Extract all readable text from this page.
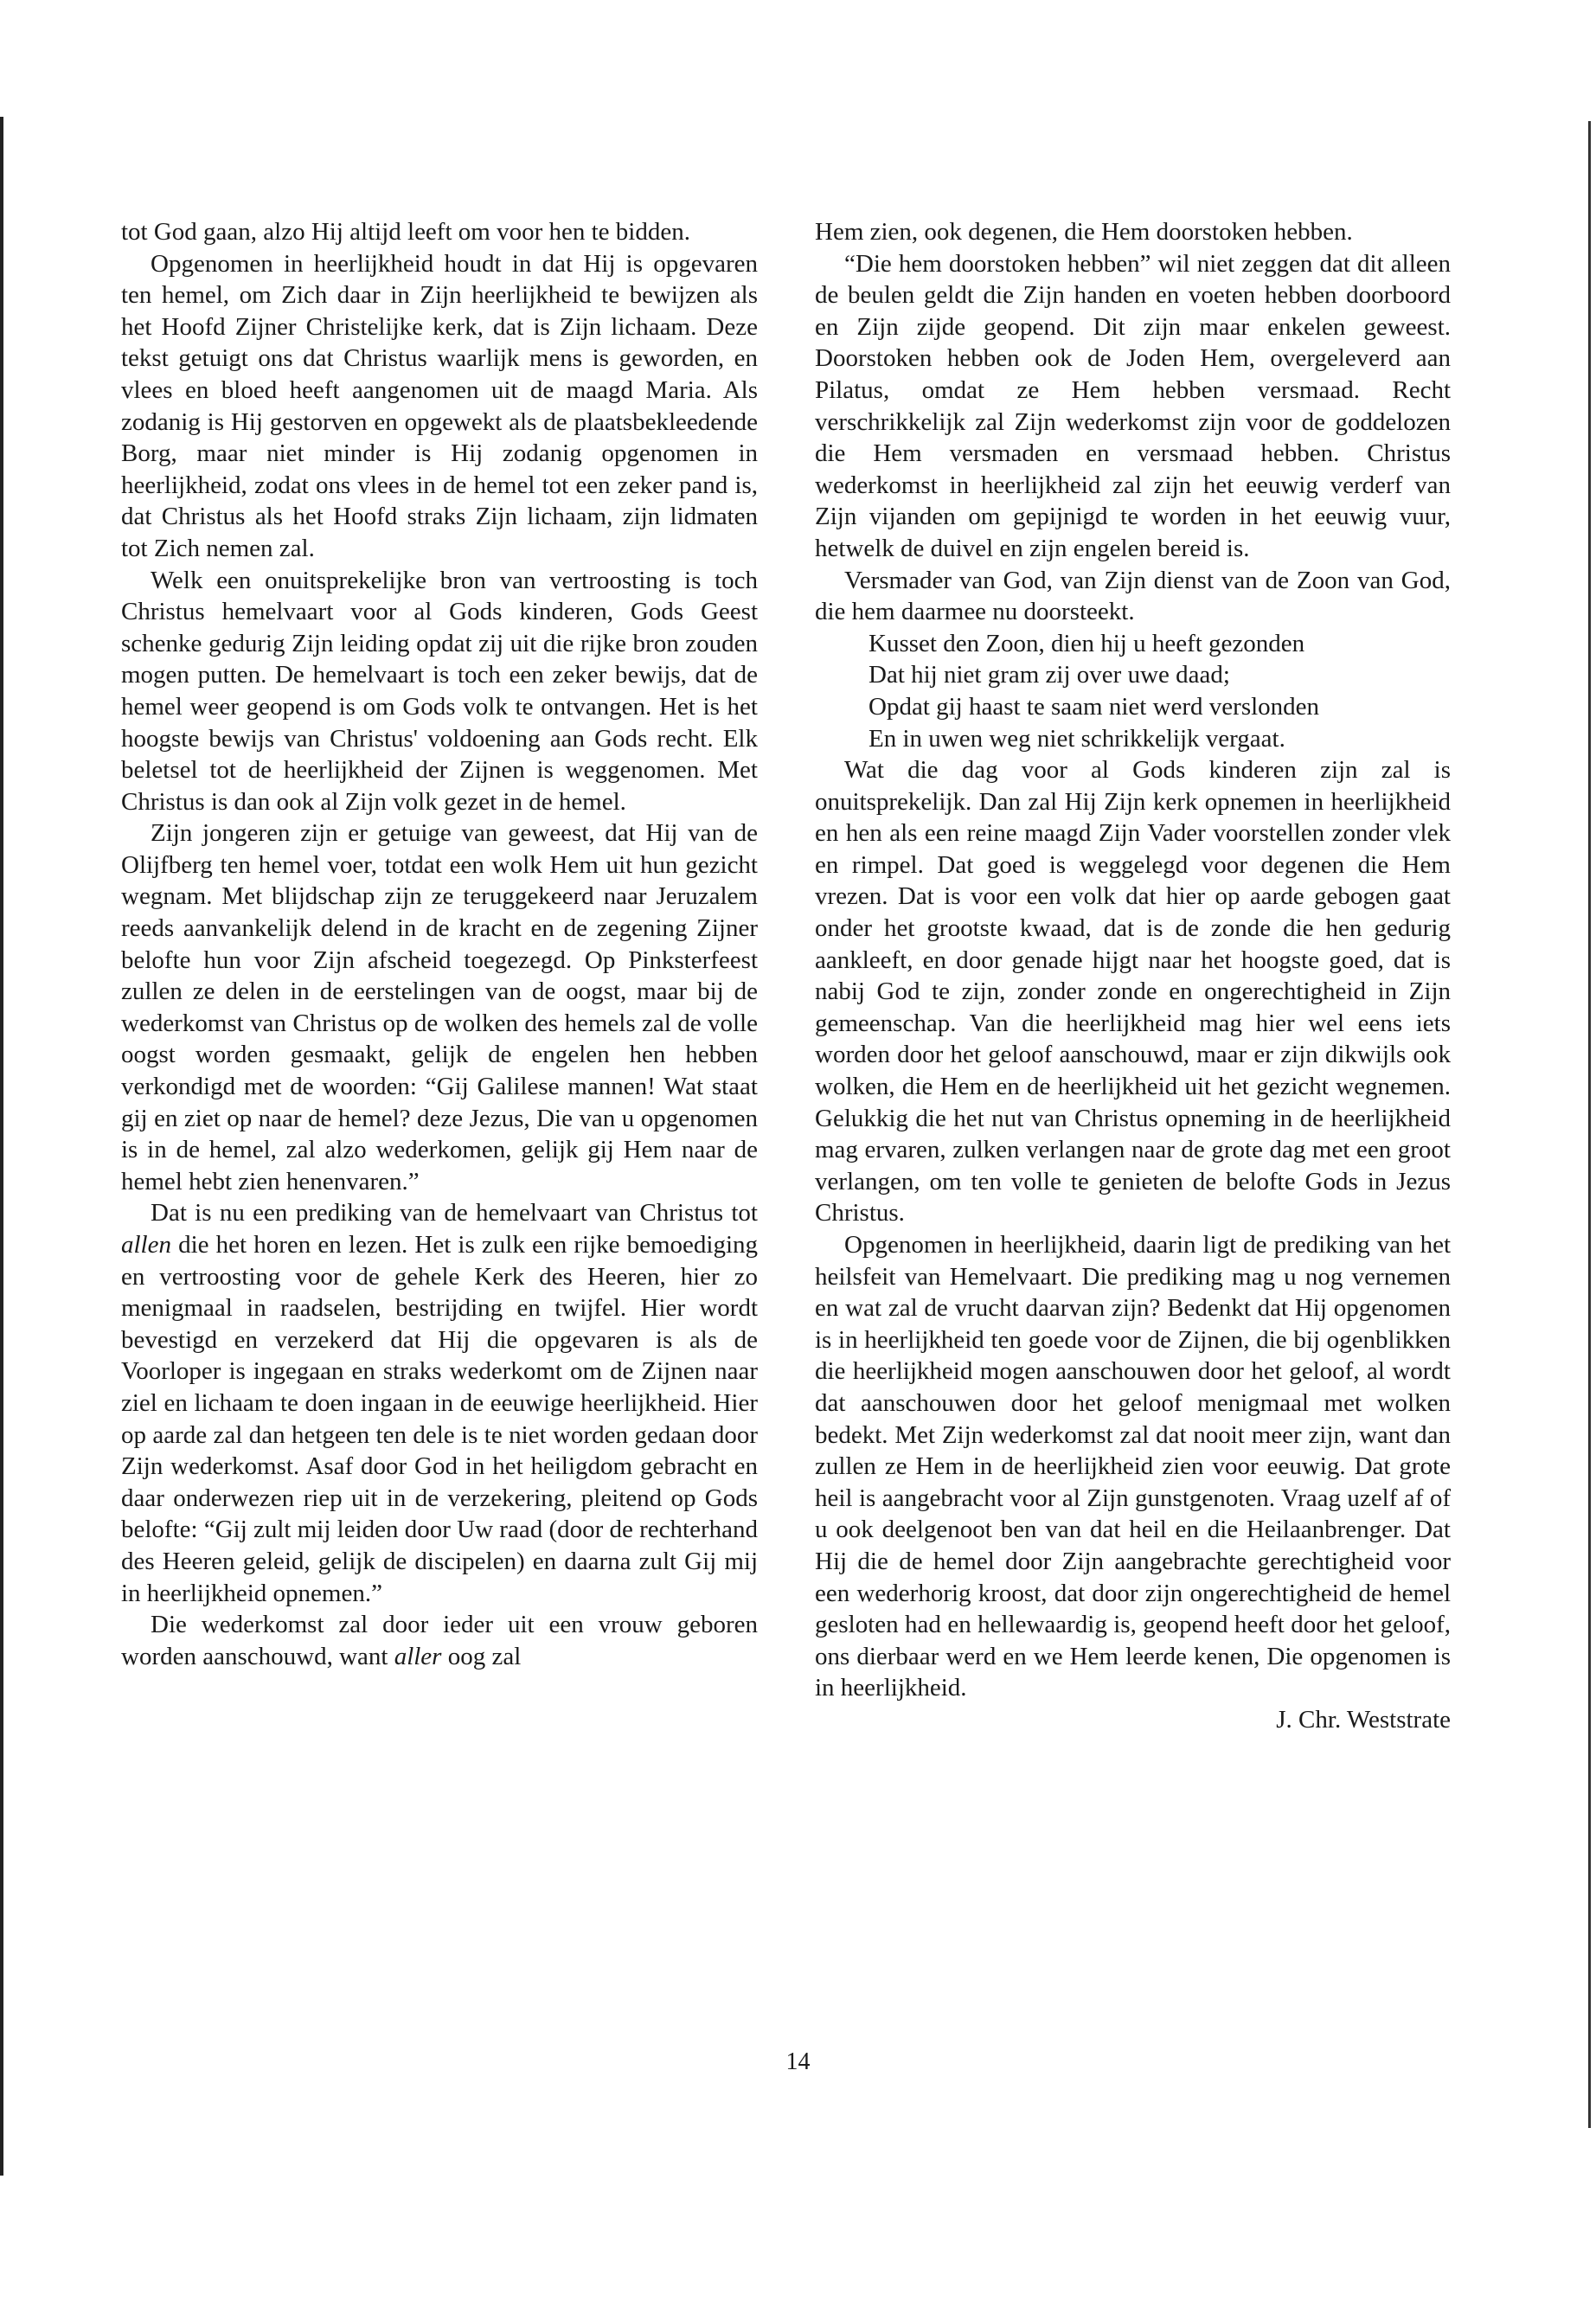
tot God gaan, alzo Hij altijd leeft om voor hen te bidden.

Opgenomen in heerlijkheid houdt in dat Hij is opgevaren ten hemel, om Zich daar in Zijn heerlijkheid te bewijzen als het Hoofd Zijner Christelijke kerk, dat is Zijn lichaam. Deze tekst getuigt ons dat Christus waarlijk mens is geworden, en vlees en bloed heeft aangenomen uit de maagd Maria. Als zodanig is Hij gestorven en opgewekt als de plaatsbekleedende Borg, maar niet minder is Hij zodanig opgenomen in heerlijkheid, zodat ons vlees in de hemel tot een zeker pand is, dat Christus als het Hoofd straks Zijn lichaam, zijn lidmaten tot Zich nemen zal.

Welk een onuitsprekelijke bron van vertroosting is toch Christus hemelvaart voor al Gods kinderen, Gods Geest schenke gedurig Zijn leiding opdat zij uit die rijke bron zouden mogen putten. De hemelvaart is toch een zeker bewijs, dat de hemel weer geopend is om Gods volk te ontvangen. Het is het hoogste bewijs van Christus' voldoening aan Gods recht. Elk beletsel tot de heerlijkheid der Zijnen is weggenomen. Met Christus is dan ook al Zijn volk gezet in de hemel.

Zijn jongeren zijn er getuige van geweest, dat Hij van de Olijfberg ten hemel voer, totdat een wolk Hem uit hun gezicht wegnam. Met blijdschap zijn ze teruggekeerd naar Jeruzalem reeds aanvankelijk delend in de kracht en de zegening Zijner belofte hun voor Zijn afscheid toegezegd. Op Pinksterfeest zullen ze delen in de eerstelingen van de oogst, maar bij de wederkomst van Christus op de wolken des hemels zal de volle oogst worden gesmaakt, gelijk de engelen hen hebben verkondigd met de woorden: “Gij Galilese mannen! Wat staat gij en ziet op naar de hemel? deze Jezus, Die van u opgenomen is in de hemel, zal alzo wederkomen, gelijk gij Hem naar de hemel hebt zien henenvaren.”

Dat is nu een prediking van de hemelvaart van Christus tot allen die het horen en lezen. Het is zulk een rijke bemoediging en vertroosting voor de gehele Kerk des Heeren, hier zo menigmaal in raadselen, bestrijding en twijfel. Hier wordt bevestigd en verzekerd dat Hij die opgevaren is als de Voorloper is ingegaan en straks wederkomt om de Zijnen naar ziel en lichaam te doen ingaan in de eeuwige heerlijkheid. Hier op aarde zal dan hetgeen ten dele is te niet worden gedaan door Zijn wederkomst. Asaf door God in het heiligdom gebracht en daar onderwezen riep uit in de verzekering, pleitend op Gods belofte: “Gij zult mij leiden door Uw raad (door de rechterhand des Heeren geleid, gelijk de discipelen) en daarna zult Gij mij in heerlijkheid opnemen.”

Die wederkomst zal door ieder uit een vrouw geboren worden aanschouwd, want aller oog zal

Hem zien, ook degenen, die Hem doorstoken hebben.

“Die hem doorstoken hebben” wil niet zeggen dat dit alleen de beulen geldt die Zijn handen en voeten hebben doorboord en Zijn zijde geopend. Dit zijn maar enkelen geweest. Doorstoken hebben ook de Joden Hem, overgeleverd aan Pilatus, omdat ze Hem hebben versmaad. Recht verschrikkelijk zal Zijn wederkomst zijn voor de goddelozen die Hem versmaden en versmaad hebben. Christus wederkomst in heerlijkheid zal zijn het eeuwig verderf van Zijn vijanden om gepijnigd te worden in het eeuwig vuur, hetwelk de duivel en zijn engelen bereid is.

Versmader van God, van Zijn dienst van de Zoon van God, die hem daarmee nu doorsteekt.

Kusset den Zoon, dien hij u heeft gezonden

Dat hij niet gram zij over uwe daad;

Opdat gij haast te saam niet werd verslonden

En in uwen weg niet schrikkelijk vergaat.

Wat die dag voor al Gods kinderen zijn zal is onuitsprekelijk. Dan zal Hij Zijn kerk opnemen in heerlijkheid en hen als een reine maagd Zijn Vader voorstellen zonder vlek en rimpel. Dat goed is weggelegd voor degenen die Hem vrezen. Dat is voor een volk dat hier op aarde gebogen gaat onder het grootste kwaad, dat is de zonde die hen gedurig aankleeft, en door genade hijgt naar het hoogste goed, dat is nabij God te zijn, zonder zonde en ongerechtigheid in Zijn gemeenschap. Van die heerlijkheid mag hier wel eens iets worden door het geloof aanschouwd, maar er zijn dikwijls ook wolken, die Hem en de heerlijkheid uit het gezicht wegnemen. Gelukkig die het nut van Christus opneming in de heerlijkheid mag ervaren, zulken verlangen naar de grote dag met een groot verlangen, om ten volle te genieten de belofte Gods in Jezus Christus.

Opgenomen in heerlijkheid, daarin ligt de prediking van het heilsfeit van Hemelvaart. Die prediking mag u nog vernemen en wat zal de vrucht daarvan zijn? Bedenkt dat Hij opgenomen is in heerlijkheid ten goede voor de Zijnen, die bij ogenblikken die heerlijkheid mogen aanschouwen door het geloof, al wordt dat aanschouwen door het geloof menigmaal met wolken bedekt. Met Zijn wederkomst zal dat nooit meer zijn, want dan zullen ze Hem in de heerlijkheid zien voor eeuwig. Dat grote heil is aangebracht voor al Zijn gunstgenoten. Vraag uzelf af of u ook deelgenoot ben van dat heil en die Heilaanbrenger. Dat Hij die de hemel door Zijn aangebrachte gerechtigheid voor een wederhorig kroost, dat door zijn ongerechtigheid de hemel gesloten had en hellewaardig is, geopend heeft door het geloof, ons dierbaar werd en we Hem leerde kenen, Die opgenomen is in heerlijkheid.

J. Chr. Weststrate

14
